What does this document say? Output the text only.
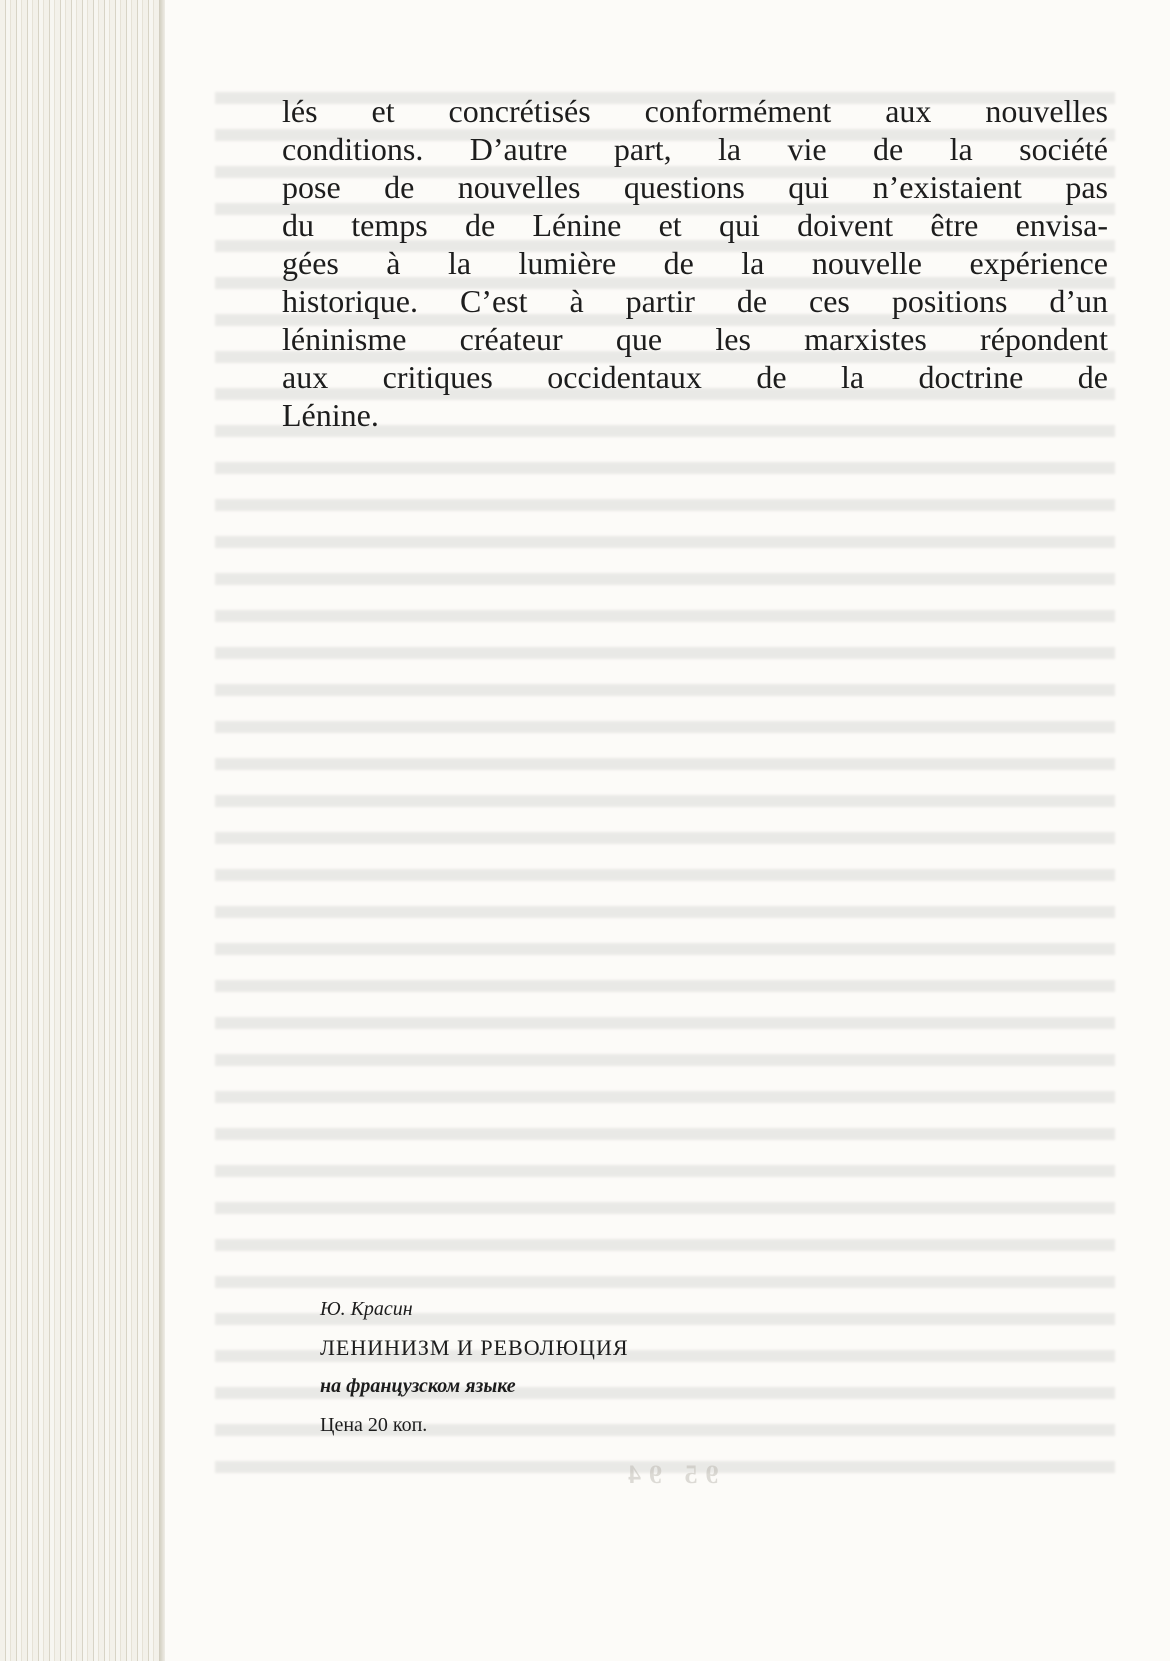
lés et concrétisés conformément aux nouvelles
conditions. D’autre part, la vie de la société
pose de nouvelles questions qui n’existaient pas
du temps de Lénine et qui doivent être envisa-
gées à la lumière de la nouvelle expérience
historique. C’est à partir de ces positions d’un
léninisme créateur que les marxistes répondent
aux critiques occidentaux de la doctrine de
Lénine.
Ю. Красин
ЛЕНИНИЗМ И РЕВОЛЮЦИЯ
на французском языке
Цена 20 коп.
95 94
